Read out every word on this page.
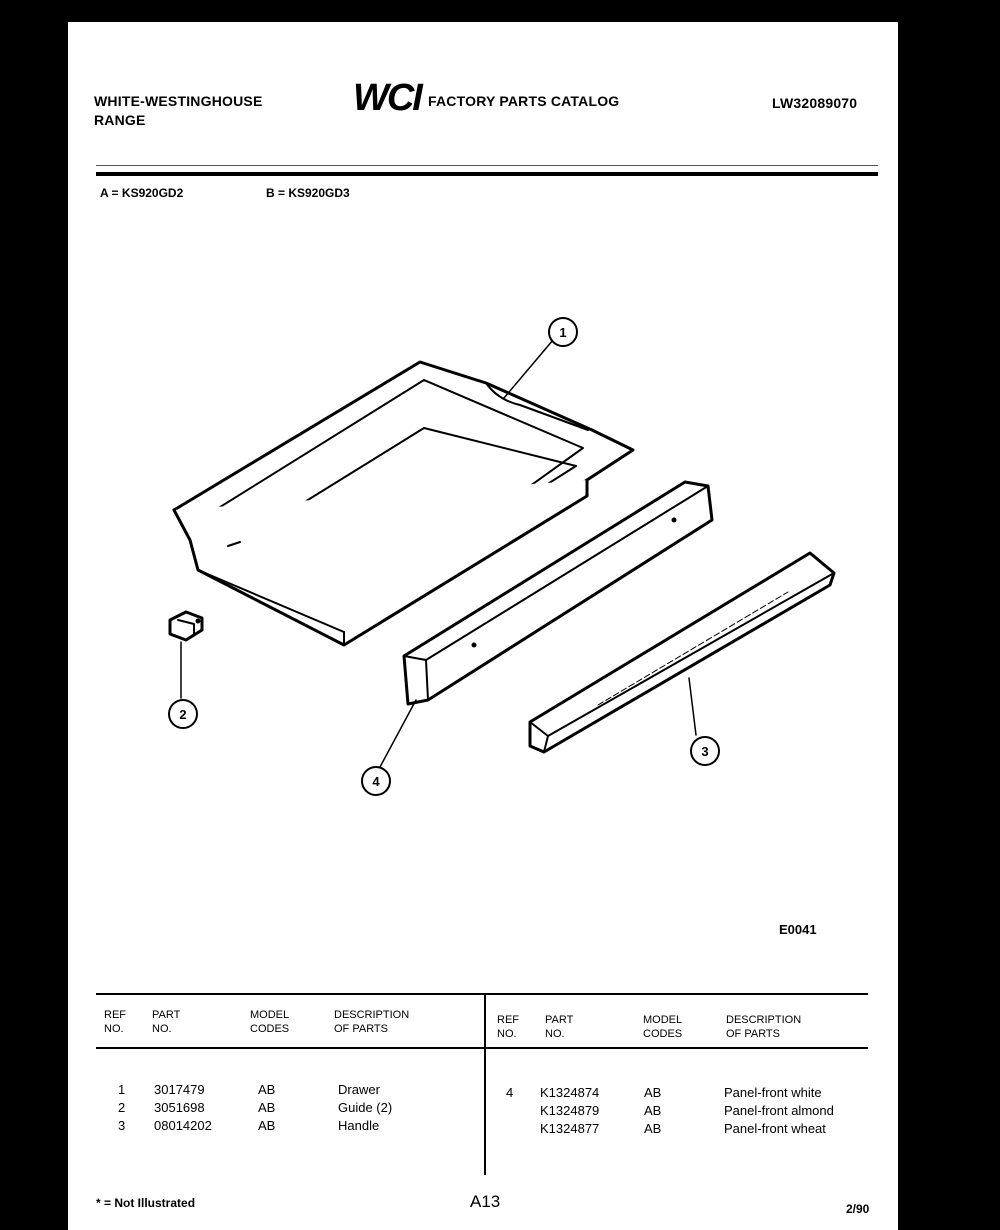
WHITE-WESTINGHOUSE
RANGE
WCI FACTORY PARTS CATALOG	LW32089070
A = KS920GD2	B = KS920GD3
1
2
3
4
E0041
REF
NO.
PART
NO.
MODEL
CODES
DESCRIPTION
OF PARTS
REF
NO.
PART
NO.
MODEL
CODES
DESCRIPTION
OF PARTS
1 3017479	AB	Drawer
2 3051698	AB	Guide (2)
3 08014202	AB	Handle
4 K1324874	AB	Panel-front white
K1324879	AB	Panel-front almond
K1324877	AB	Panel-front wheat
* = Not Illustrated	A13	2/90
